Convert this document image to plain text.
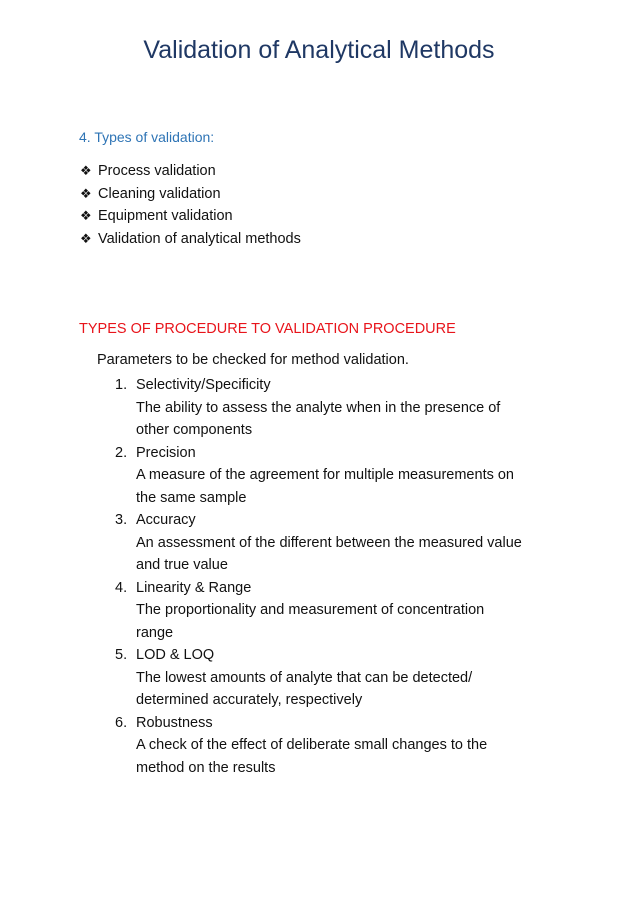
Validation of Analytical Methods

4. Types of validation:

❖ Process validation
❖ Cleaning validation
❖ Equipment validation
❖ Validation of analytical methods

TYPES OF PROCEDURE TO VALIDATION PROCEDURE

Parameters to be checked for method validation.

1. Selectivity/Specificity
The ability to assess the analyte when in the presence of
other components
2. Precision
A measure of the agreement for multiple measurements on
the same sample
3. Accuracy
An assessment of the different between the measured value
and true value
4. Linearity & Range
The proportionality and measurement of concentration
range
5. LOD & LOQ
The lowest amounts of analyte that can be detected/
determined accurately, respectively
6. Robustness
A check of the effect of deliberate small changes to the
method on the results
